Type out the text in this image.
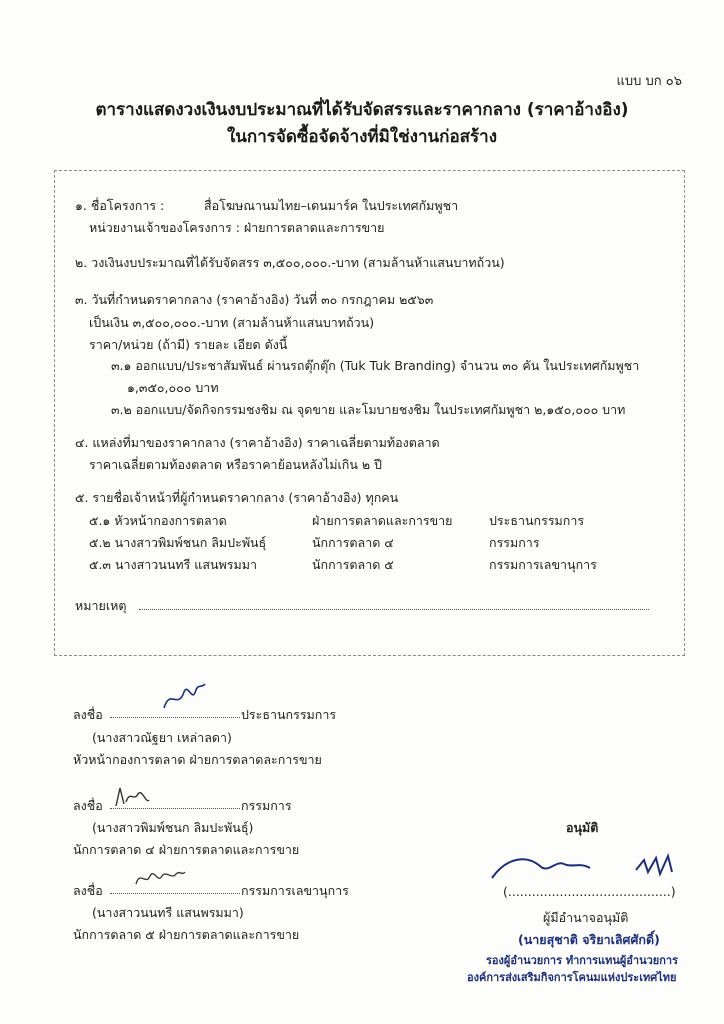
แบบ บก ๐๖
ตารางแสดงวงเงินงบประมาณที่ได้รับจัดสรรและราคากลาง (ราคาอ้างอิง)
ในการจัดซื้อจัดจ้างที่มิใช่งานก่อสร้าง
๑. ชื่อโครงการ :	สื่อโฆษณานมไทย–เดนมาร์ค ในประเทศกัมพูชา
หน่วยงานเจ้าของโครงการ : ฝ่ายการตลาดและการขาย
๒. วงเงินงบประมาณที่ได้รับจัดสรร ๓,๕๐๐,๐๐๐.-บาท (สามล้านห้าแสนบาทถ้วน)
๓. วันที่กำหนดราคากลาง (ราคาอ้างอิง) วันที่ ๓๐ กรกฎาคม ๒๕๖๓
เป็นเงิน ๓,๕๐๐,๐๐๐.-บาท (สามล้านห้าแสนบาทถ้วน)
ราคา/หน่วย (ถ้ามี) รายละ เอียด ดังนี้
๓.๑ ออกแบบ/ประชาสัมพันธ์ ผ่านรถตุ๊กตุ๊ก (Tuk Tuk Branding) จำนวน ๓๐ คัน ในประเทศกัมพูชา
๑,๓๕๐,๐๐๐ บาท
๓.๒ ออกแบบ/จัดกิจกรรมชงชิม ณ จุดขาย และโมบายชงชิม ในประเทศกัมพูชา ๒,๑๕๐,๐๐๐ บาท
๔. แหล่งที่มาของราคากลาง (ราคาอ้างอิง) ราคาเฉลี่ยตามท้องตลาด
ราคาเฉลี่ยตามท้องตลาด หรือราคาย้อนหลังไม่เกิน ๒ ปี
๕. รายชื่อเจ้าหน้าที่ผู้กำหนดราคากลาง (ราคาอ้างอิง) ทุกคน
๕.๑ หัวหน้ากองการตลาด	ฝ่ายการตลาดและการขาย	ประธานกรรมการ
๕.๒ นางสาวพิมพ์ชนก ลิมปะพันธุ์	นักการตลาด ๔	กรรมการ
๕.๓ นางสาวนนทรี แสนพรมมา	นักการตลาด ๕	กรรมการเลขานุการ
หมายเหตุ
ลงชื่อ	ประธานกรรมการ
(นางสาวณัฐยา เหล่าลดา)
หัวหน้ากองการตลาด ฝ่ายการตลาดละการขาย
ลงชื่อ	กรรมการ
(นางสาวพิมพ์ชนก ลิมปะพันธุ์)
นักการตลาด ๔ ฝ่ายการตลาดและการขาย
ลงชื่อ	กรรมการเลขานุการ
(นางสาวนนทรี แสนพรมมา)
นักการตลาด ๕ ฝ่ายการตลาดและการขาย
อนุมัติ
(.........................................)
ผู้มีอำนาจอนุมัติ
(นายสุชาติ จริยาเลิศศักดิ์)
รองผู้อำนวยการ ทำการแทนผู้อำนวยการ
องค์การส่งเสริมกิจการโคนมแห่งประเทศไทย
